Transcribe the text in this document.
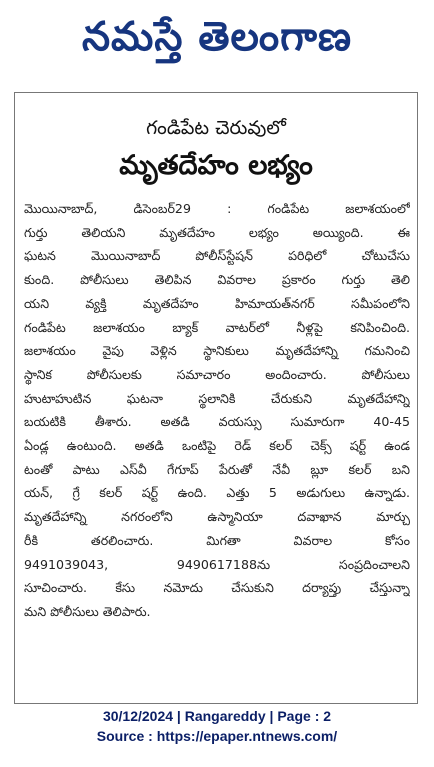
నమస్తే తెలంగాణ
గండిపేట చెరువులో
మృతదేహం లభ్యం
మొయినాబాద్, డిసెంబర్29 : గండిపేట జలాశయంలో
గుర్తు తెలియని మృతదేహం లభ్యం అయ్యింది. ఈ
ఘటన మొయినాబాద్ పోలీస్‌స్టేషన్ పరిధిలో చోటుచేసు
కుంది. పోలీసులు తెలిపిన వివరాల ప్రకారం గుర్తు తెలి
యని వ్యక్తి మృతదేహం హిమాయత్‌నగర్ సమీపంలోని
గండిపేట జలాశయం బ్యాక్ వాటర్‌లో నీళ్లపై కనిపించింది.
జలాశయం వైపు వెళ్లిన స్థానికులు మృతదేహాన్ని గమనించి
స్థానిక పోలీసులకు సమాచారం అందించారు. పోలీసులు
హుటాహుటిన ఘటనా స్థలానికి చేరుకుని మృతదేహాన్ని
బయటికి తీశారు. అతడి వయస్సు సుమారుగా 40-45
ఏండ్ల ఉంటుంది. అతడి ఒంటిపై రెడ్ కలర్ చెక్స్ షర్ట్ ఉండ
టంతో పాటు ఎస్‌వీ గేగూప్ పేరుతో నేవీ బ్లూ కలర్ బని
యన్, గ్రే కలర్ షర్ట్ ఉంది. ఎత్తు 5 అడుగులు ఉన్నాడు.
మృతదేహాన్ని నగరంలోని ఉస్మానియా దవాఖాన మార్చు
రీకి తరలించారు. మిగతా వివరాల కోసం
9491039043, 9490617188ను సంప్రదించాలని
సూచించారు. కేసు నమోదు చేసుకుని దర్యాప్తు చేస్తున్నా
మని పోలీసులు తెలిపారు.
30/12/2024 | Rangareddy | Page : 2
Source : https://epaper.ntnews.com/
